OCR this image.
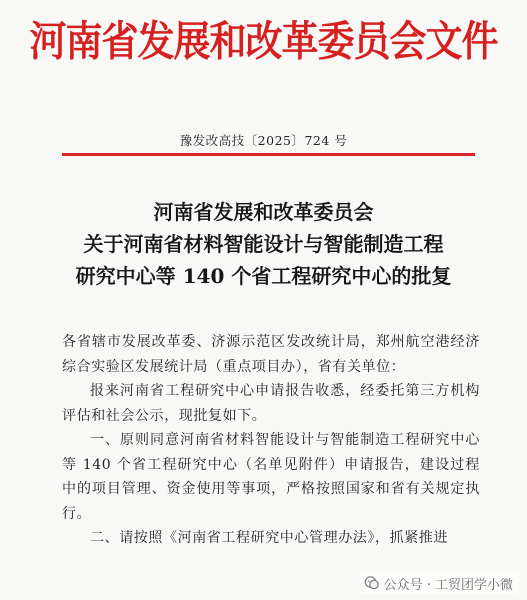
河南省发展和改革委员会文件
豫发改高技〔2025〕724 号
河南省发展和改革委员会
关于河南省材料智能设计与智能制造工程
研究中心等 140 个省工程研究中心的批复

各省辖市发展改革委、济源示范区发改统计局，郑州航空港经济综合实验区发展统计局（重点项目办），省有关单位：

报来河南省工程研究中心申请报告收悉，经委托第三方机构评估和社会公示，现批复如下。

一、原则同意河南省材料智能设计与智能制造工程研究中心等 140 个省工程研究中心（名单见附件）申请报告，建设过程中的项目管理、资金使用等事项，严格按照国家和省有关规定执行。

二、请按照《河南省工程研究中心管理办法》，抓紧推进

公众号 · 工贸团学小微
